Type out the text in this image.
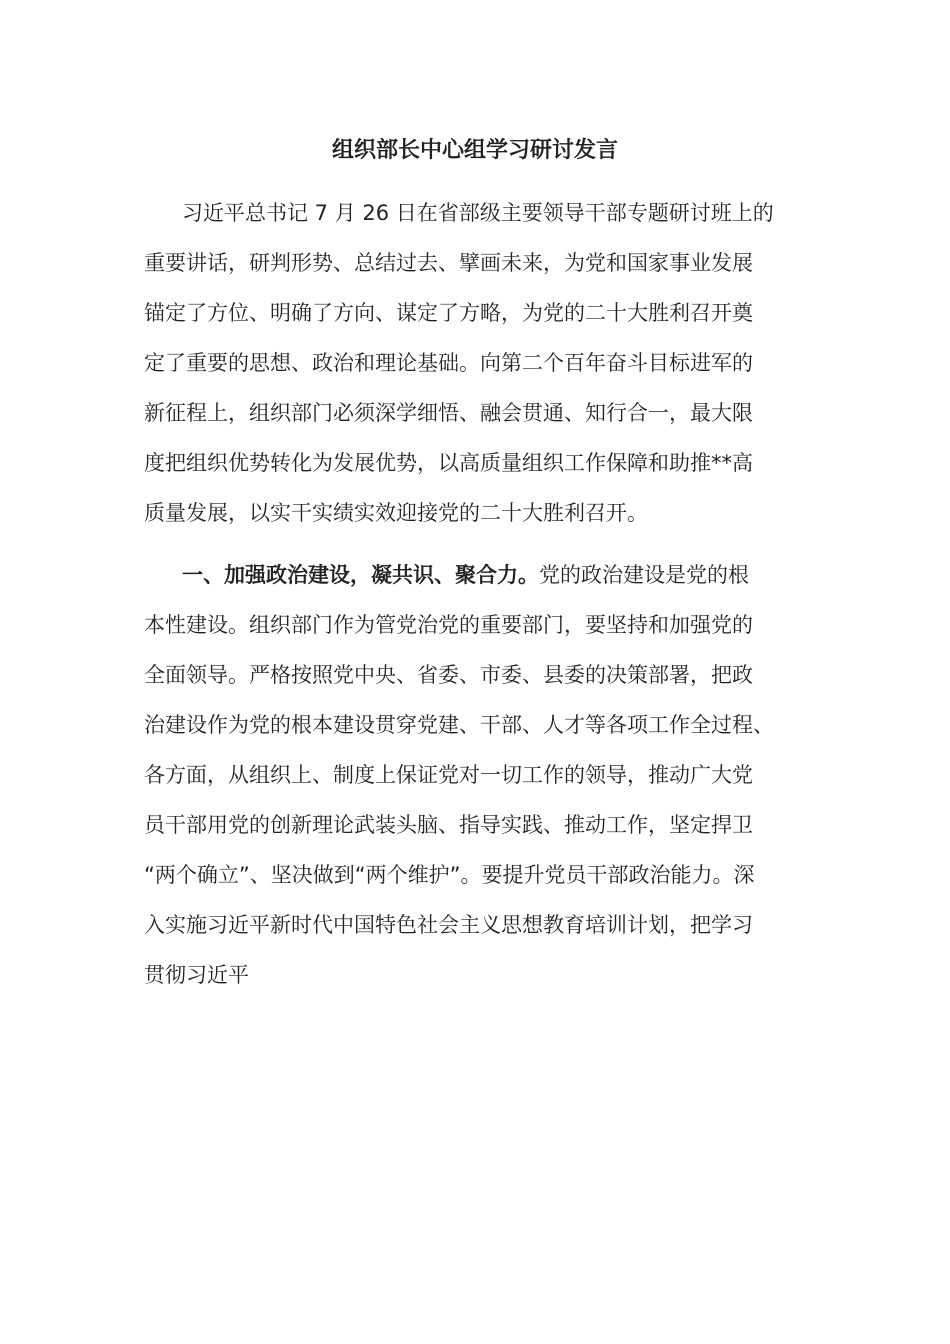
组织部长中心组学习研讨发言
习近平总书记 7 月 26 日在省部级主要领导干部专题研讨班上的
重要讲话，研判形势、总结过去、擘画未来，为党和国家事业发展
锚定了方位、明确了方向、谋定了方略，为党的二十大胜利召开奠
定了重要的思想、政治和理论基础。向第二个百年奋斗目标进军的
新征程上，组织部门必须深学细悟、融会贯通、知行合一，最大限
度把组织优势转化为发展优势，以高质量组织工作保障和助推**高
质量发展，以实干实绩实效迎接党的二十大胜利召开。
一、加强政治建设，凝共识、聚合力。党的政治建设是党的根
本性建设。组织部门作为管党治党的重要部门，要坚持和加强党的
全面领导。严格按照党中央、省委、市委、县委的决策部署，把政
治建设作为党的根本建设贯穿党建、干部、人才等各项工作全过程、
各方面，从组织上、制度上保证党对一切工作的领导，推动广大党
员干部用党的创新理论武装头脑、指导实践、推动工作，坚定捍卫
“两个确立”、坚决做到“两个维护”。要提升党员干部政治能力。深
入实施习近平新时代中国特色社会主义思想教育培训计划，把学习
贯彻习近平
